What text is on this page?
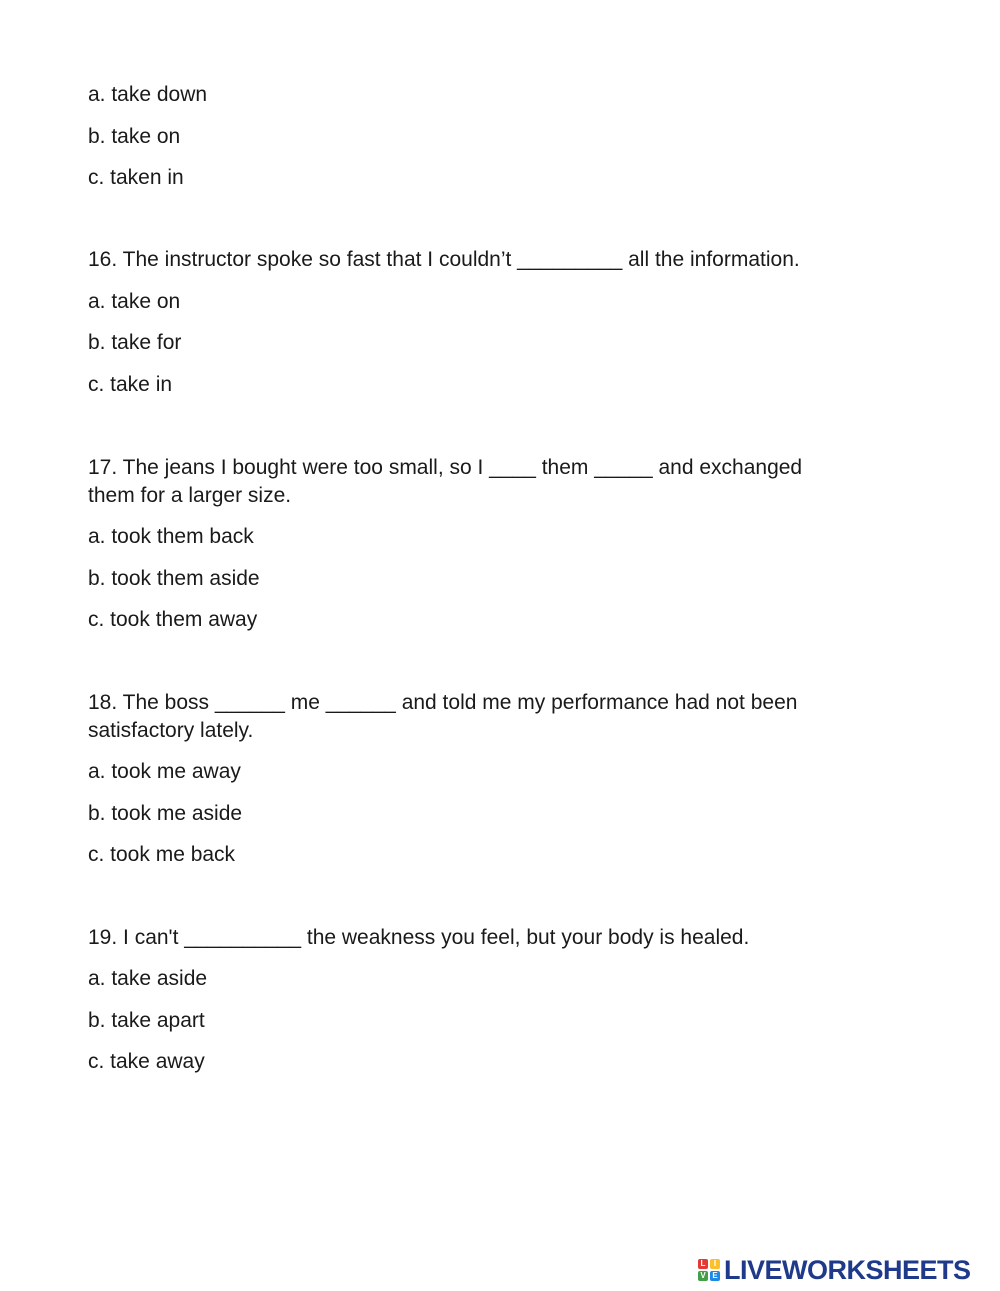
a. take down
b. take on
c. taken in
16. The instructor spoke so fast that I couldn’t _________ all the information.
a. take on
b. take for
c. take in
17. The jeans I bought were too small, so I ____ them _____ and exchanged
them for a larger size.
a. took them back
b. took them aside
c. took them away
18. The boss ______ me ______ and told me my performance had not been
satisfactory lately.
a. took me away
b. took me aside
c. took me back
19. I can't __________ the weakness you feel, but your body is healed.
a. take aside
b. take apart
c. take away
L	I
V E LIVEWORKSHEETS
